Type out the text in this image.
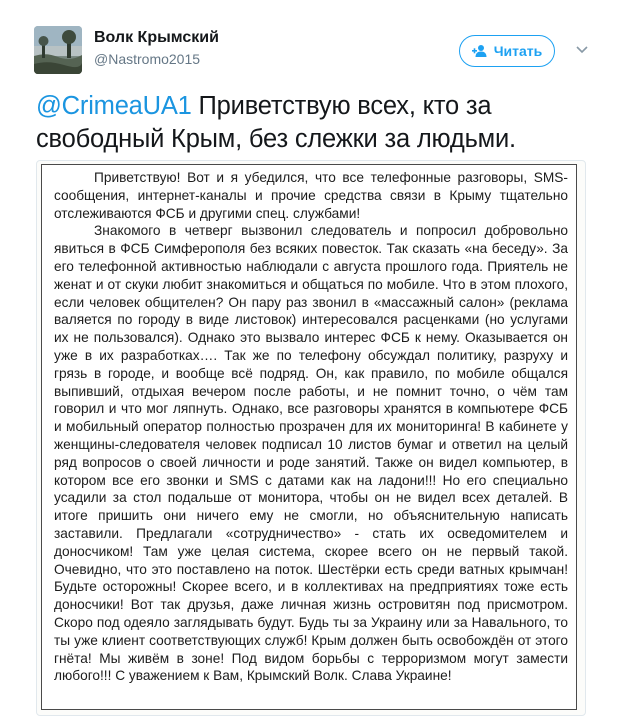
Волк Крымский
@Nastromo2015	Читать
@CrimeaUA1 Приветствую всех, кто за свободный Крым, без слежки за людьми.

Приветствую! Вот и я убедился, что все телефонные разговоры, SMS-сообщения, интернет-каналы и прочие средства связи в Крыму тщательно отслеживаются ФСБ и другими спец. службами!

Знакомого в четверг вызвонил следователь и попросил добровольно явиться в ФСБ Симферополя без всяких повесток. Так сказать «на беседу». За его телефонной активностью наблюдали с августа прошлого года. Приятель не женат и от скуки любит знакомиться и общаться по мобиле. Что в этом плохого, если человек общителен? Он пару раз звонил в «массажный салон» (реклама валяется по городу в виде листовок) интересовался расценками (но услугами их не пользовался). Однако это вызвало интерес ФСБ к нему. Оказывается он уже в их разработках…. Так же по телефону обсуждал политику, разруху и грязь в городе, и вообще всё подряд. Он, как правило, по мобиле общался выпивший, отдыхая вечером после работы, и не помнит точно, о чём там говорил и что мог ляпнуть. Однако, все разговоры хранятся в компьютере ФСБ и мобильный оператор полностью прозрачен для их мониторинга! В кабинете у женщины-следователя человек подписал 10 листов бумаг и ответил на целый ряд вопросов о своей личности и роде занятий. Также он видел компьютер, в котором все его звонки и SMS с датами как на ладони!!! Но его специально усадили за стол подальше от монитора, чтобы он не видел всех деталей. В итоге пришить они ничего ему не смогли, но объяснительную написать заставили. Предлагали «сотрудничество» - стать их осведомителем и доносчиком! Там уже целая система, скорее всего он не первый такой. Очевидно, что это поставлено на поток. Шестёрки есть среди ватных крымчан! Будьте осторожны! Скорее всего, и в коллективах на предприятиях тоже есть доносчики! Вот так друзья, даже личная жизнь островитян под присмотром. Скоро под одеяло заглядывать будут. Будь ты за Украину или за Навального, то ты уже клиент соответствующих служб! Крым должен быть освобождён от этого гнёта! Мы живём в зоне! Под видом борьбы с терроризмом могут замести любого!!! С уважением к Вам, Крымский Волк. Слава Украине!
